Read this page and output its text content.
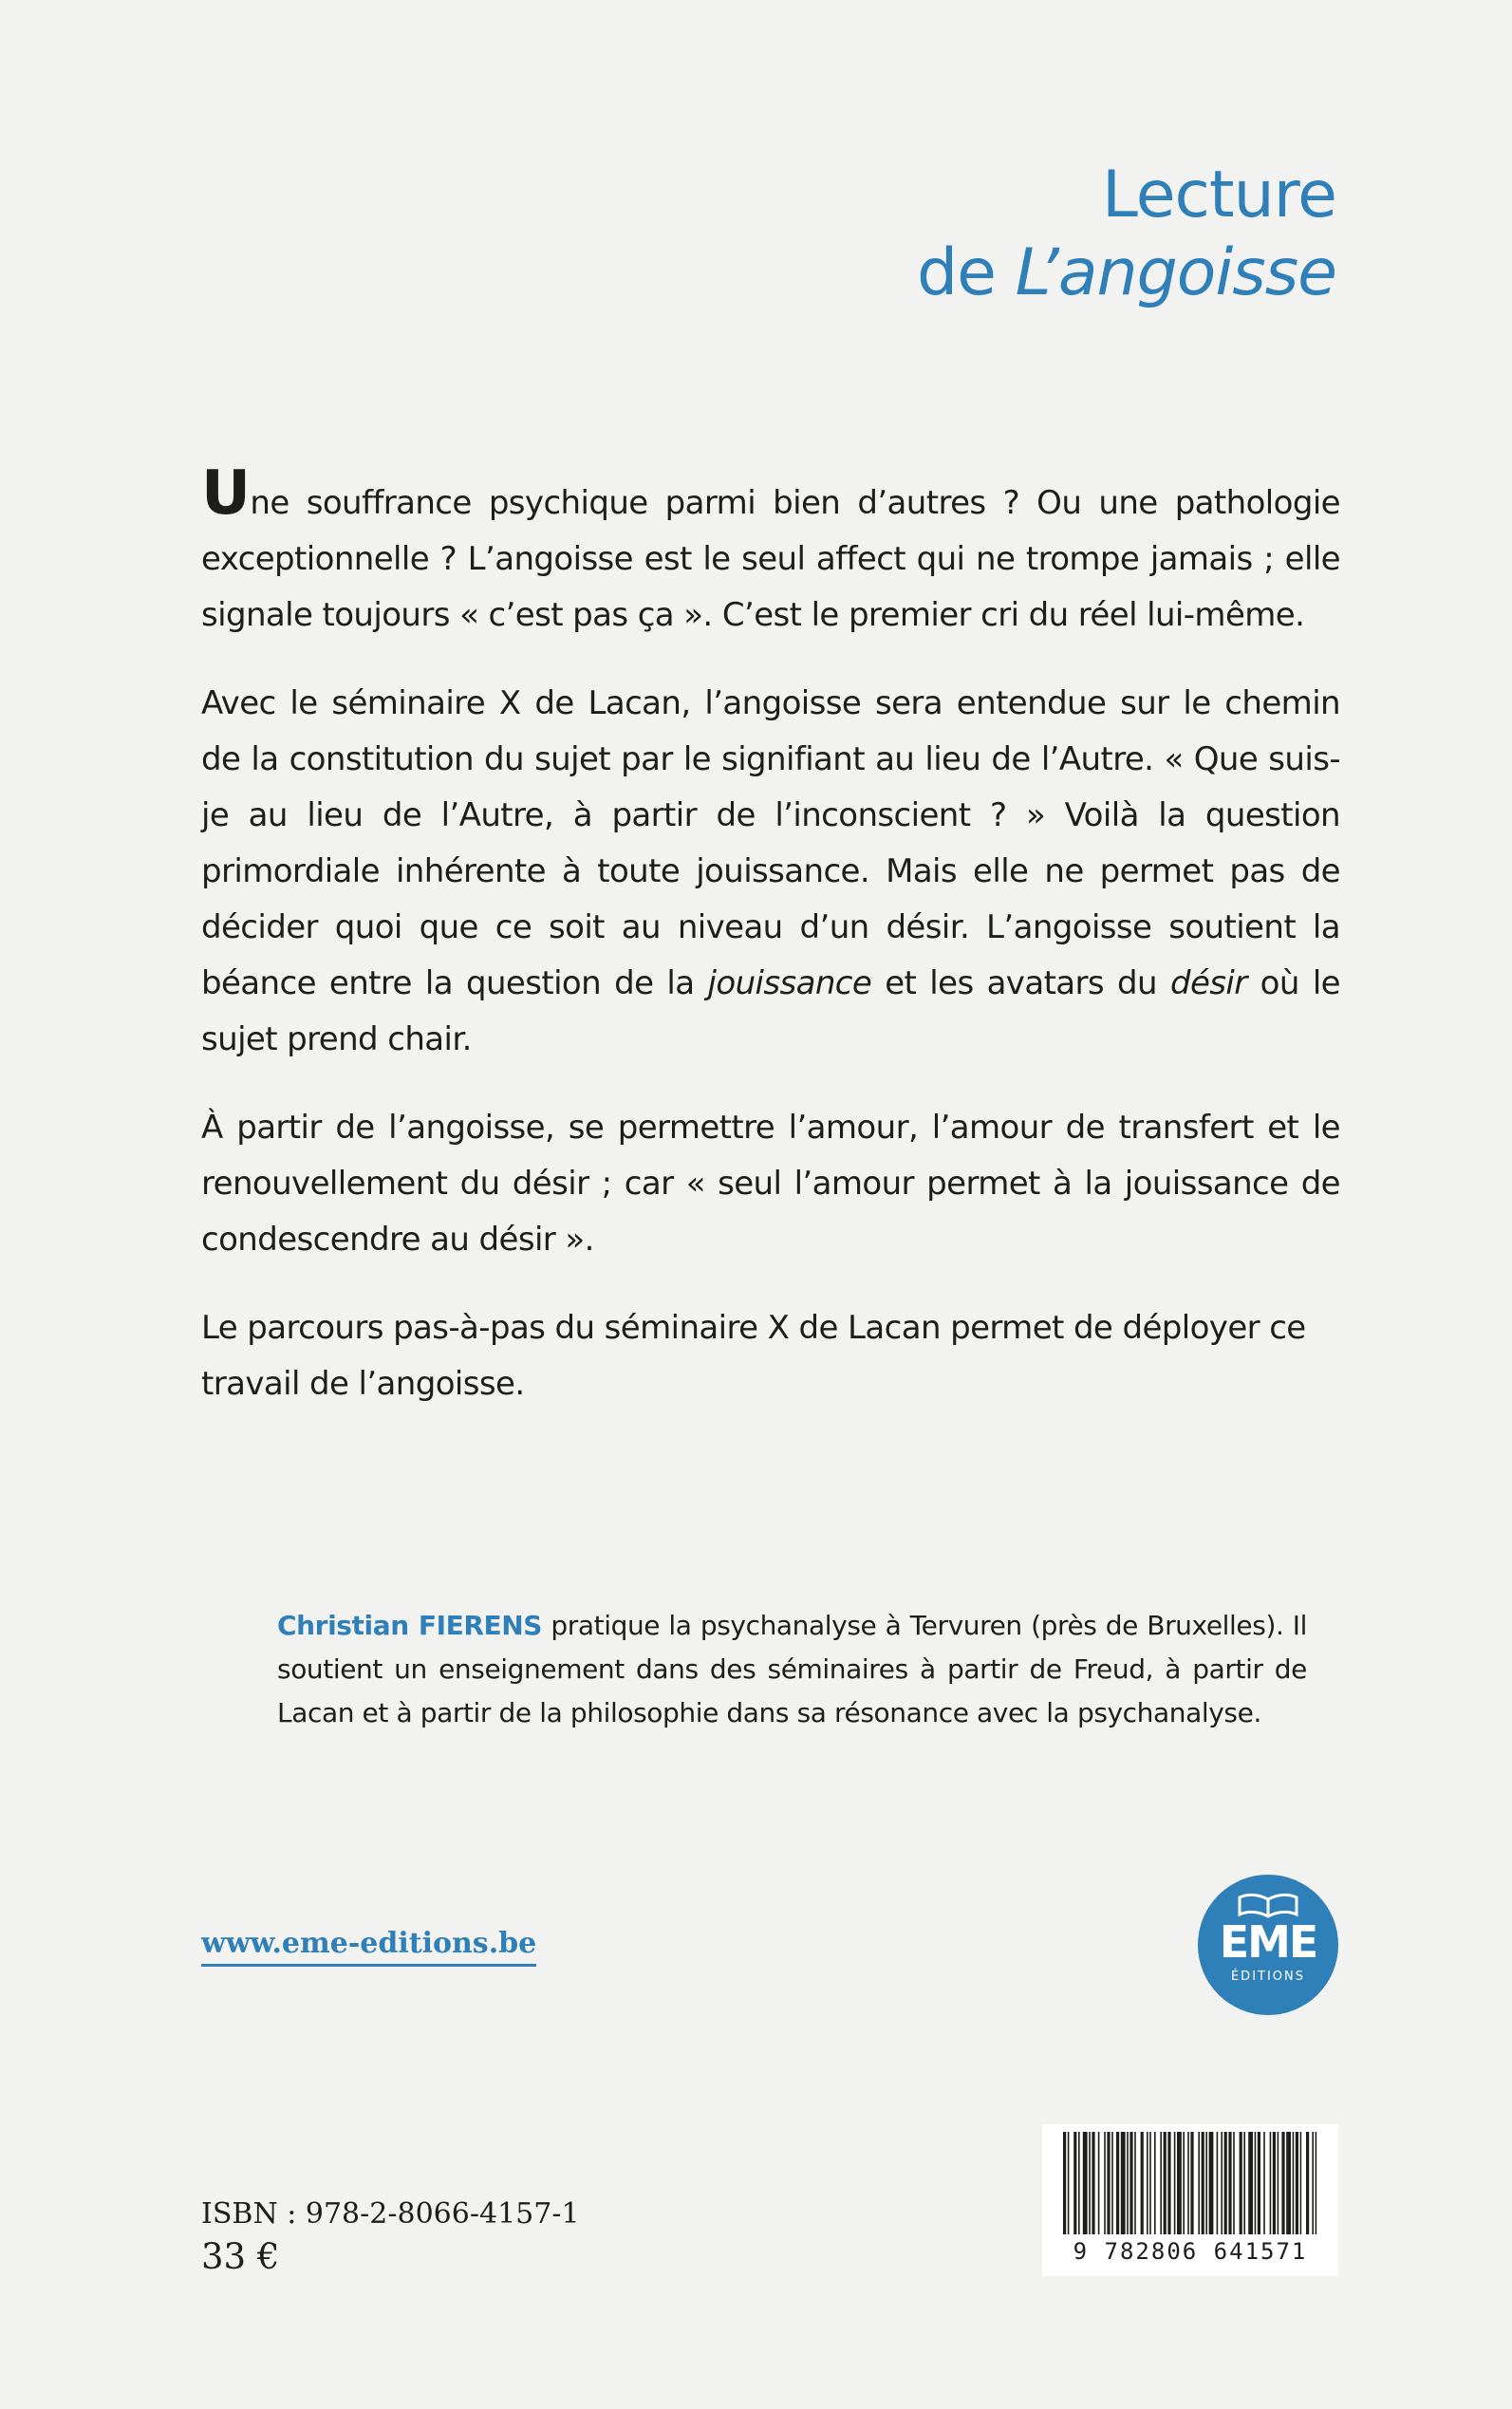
Lecture
de L’angoisse

Une souffrance psychique parmi bien d’autres ? Ou une pathologie exceptionnelle ? L’angoisse est le seul affect qui ne trompe jamais ; elle signale toujours « c’est pas ça ». C’est le premier cri du réel lui-même.

Avec le séminaire X de Lacan, l’angoisse sera entendue sur le chemin de la constitution du sujet par le signifiant au lieu de l’Autre. « Que suis-je au lieu de l’Autre, à partir de l’inconscient ? » Voilà la question primordiale inhérente à toute jouissance. Mais elle ne permet pas de décider quoi que ce soit au niveau d’un désir. L’angoisse soutient la béance entre la question de la jouissance et les avatars du désir où le sujet prend chair.

À partir de l’angoisse, se permettre l’amour, l’amour de transfert et le renouvellement du désir ; car « seul l’amour permet à la jouissance de condescendre au désir ».

Le parcours pas-à-pas du séminaire X de Lacan permet de déployer ce travail de l’angoisse.

Christian FIERENS pratique la psychanalyse à Tervuren (près de Bruxelles). Il soutient un enseignement dans des séminaires à partir de Freud, à partir de Lacan et à partir de la philosophie dans sa résonance avec la psychanalyse.
www.eme-editions.be	EME
ÉDITIONS
ISBN : 978-2-8066-4157-1
33 €	9 782806 641571
